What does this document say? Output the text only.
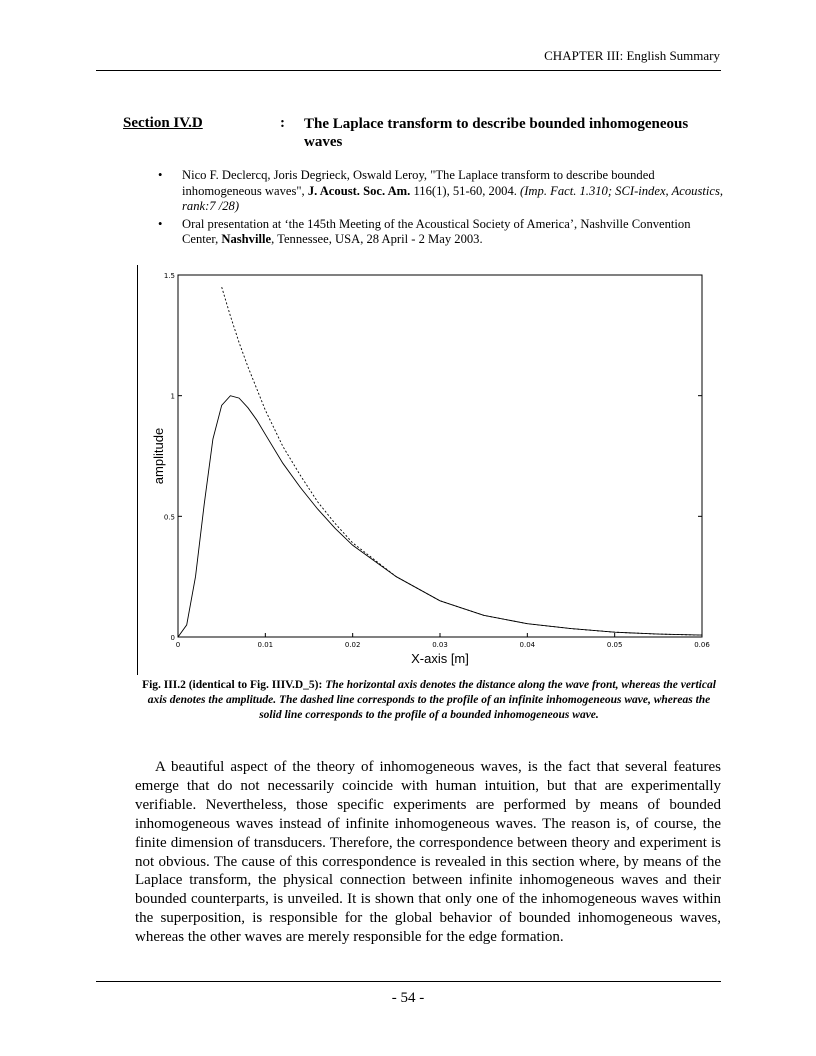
CHAPTER III: English Summary
Section IV.D	: The Laplace transform to describe bounded inhomogeneous waves
• Nico F. Declercq, Joris Degrieck, Oswald Leroy, "The Laplace transform to describe bounded inhomogeneous waves", J. Acoust. Soc. Am. 116(1), 51-60, 2004. (Imp. Fact. 1.310; SCI-index, Acoustics, rank:7 /28)
• Oral presentation at ‘the 145th Meeting of the Acoustical Society of America’, Nashville Convention Center, Nashville, Tennessee, USA, 28 April - 2 May 2003.
0	0.01	0.02	0.03	0.04	0.05	0.06
0
0.5
1
1.5
amplitude
X-axis [m]
Fig. III.2 (identical to Fig. IIIV.D_5): The horizontal axis denotes the distance along the wave front, whereas the vertical axis denotes the amplitude. The dashed line corresponds to the profile of an infinite inhomogeneous wave, whereas the solid line corresponds to the profile of a bounded inhomogeneous wave.
A beautiful aspect of the theory of inhomogeneous waves, is the fact that several features emerge that do not necessarily coincide with human intuition, but that are experimentally verifiable. Nevertheless, those specific experiments are performed by means of bounded inhomogeneous waves instead of infinite inhomogeneous waves. The reason is, of course, the finite dimension of transducers. Therefore, the correspondence between theory and experiment is not obvious. The cause of this correspondence is revealed in this section where, by means of the Laplace transform, the physical connection between infinite inhomogeneous waves and their bounded counterparts, is unveiled. It is shown that only one of the inhomogeneous waves within the superposition, is responsible for the global behavior of bounded inhomogeneous waves, whereas the other waves are merely responsible for the edge formation.
- 54 -
